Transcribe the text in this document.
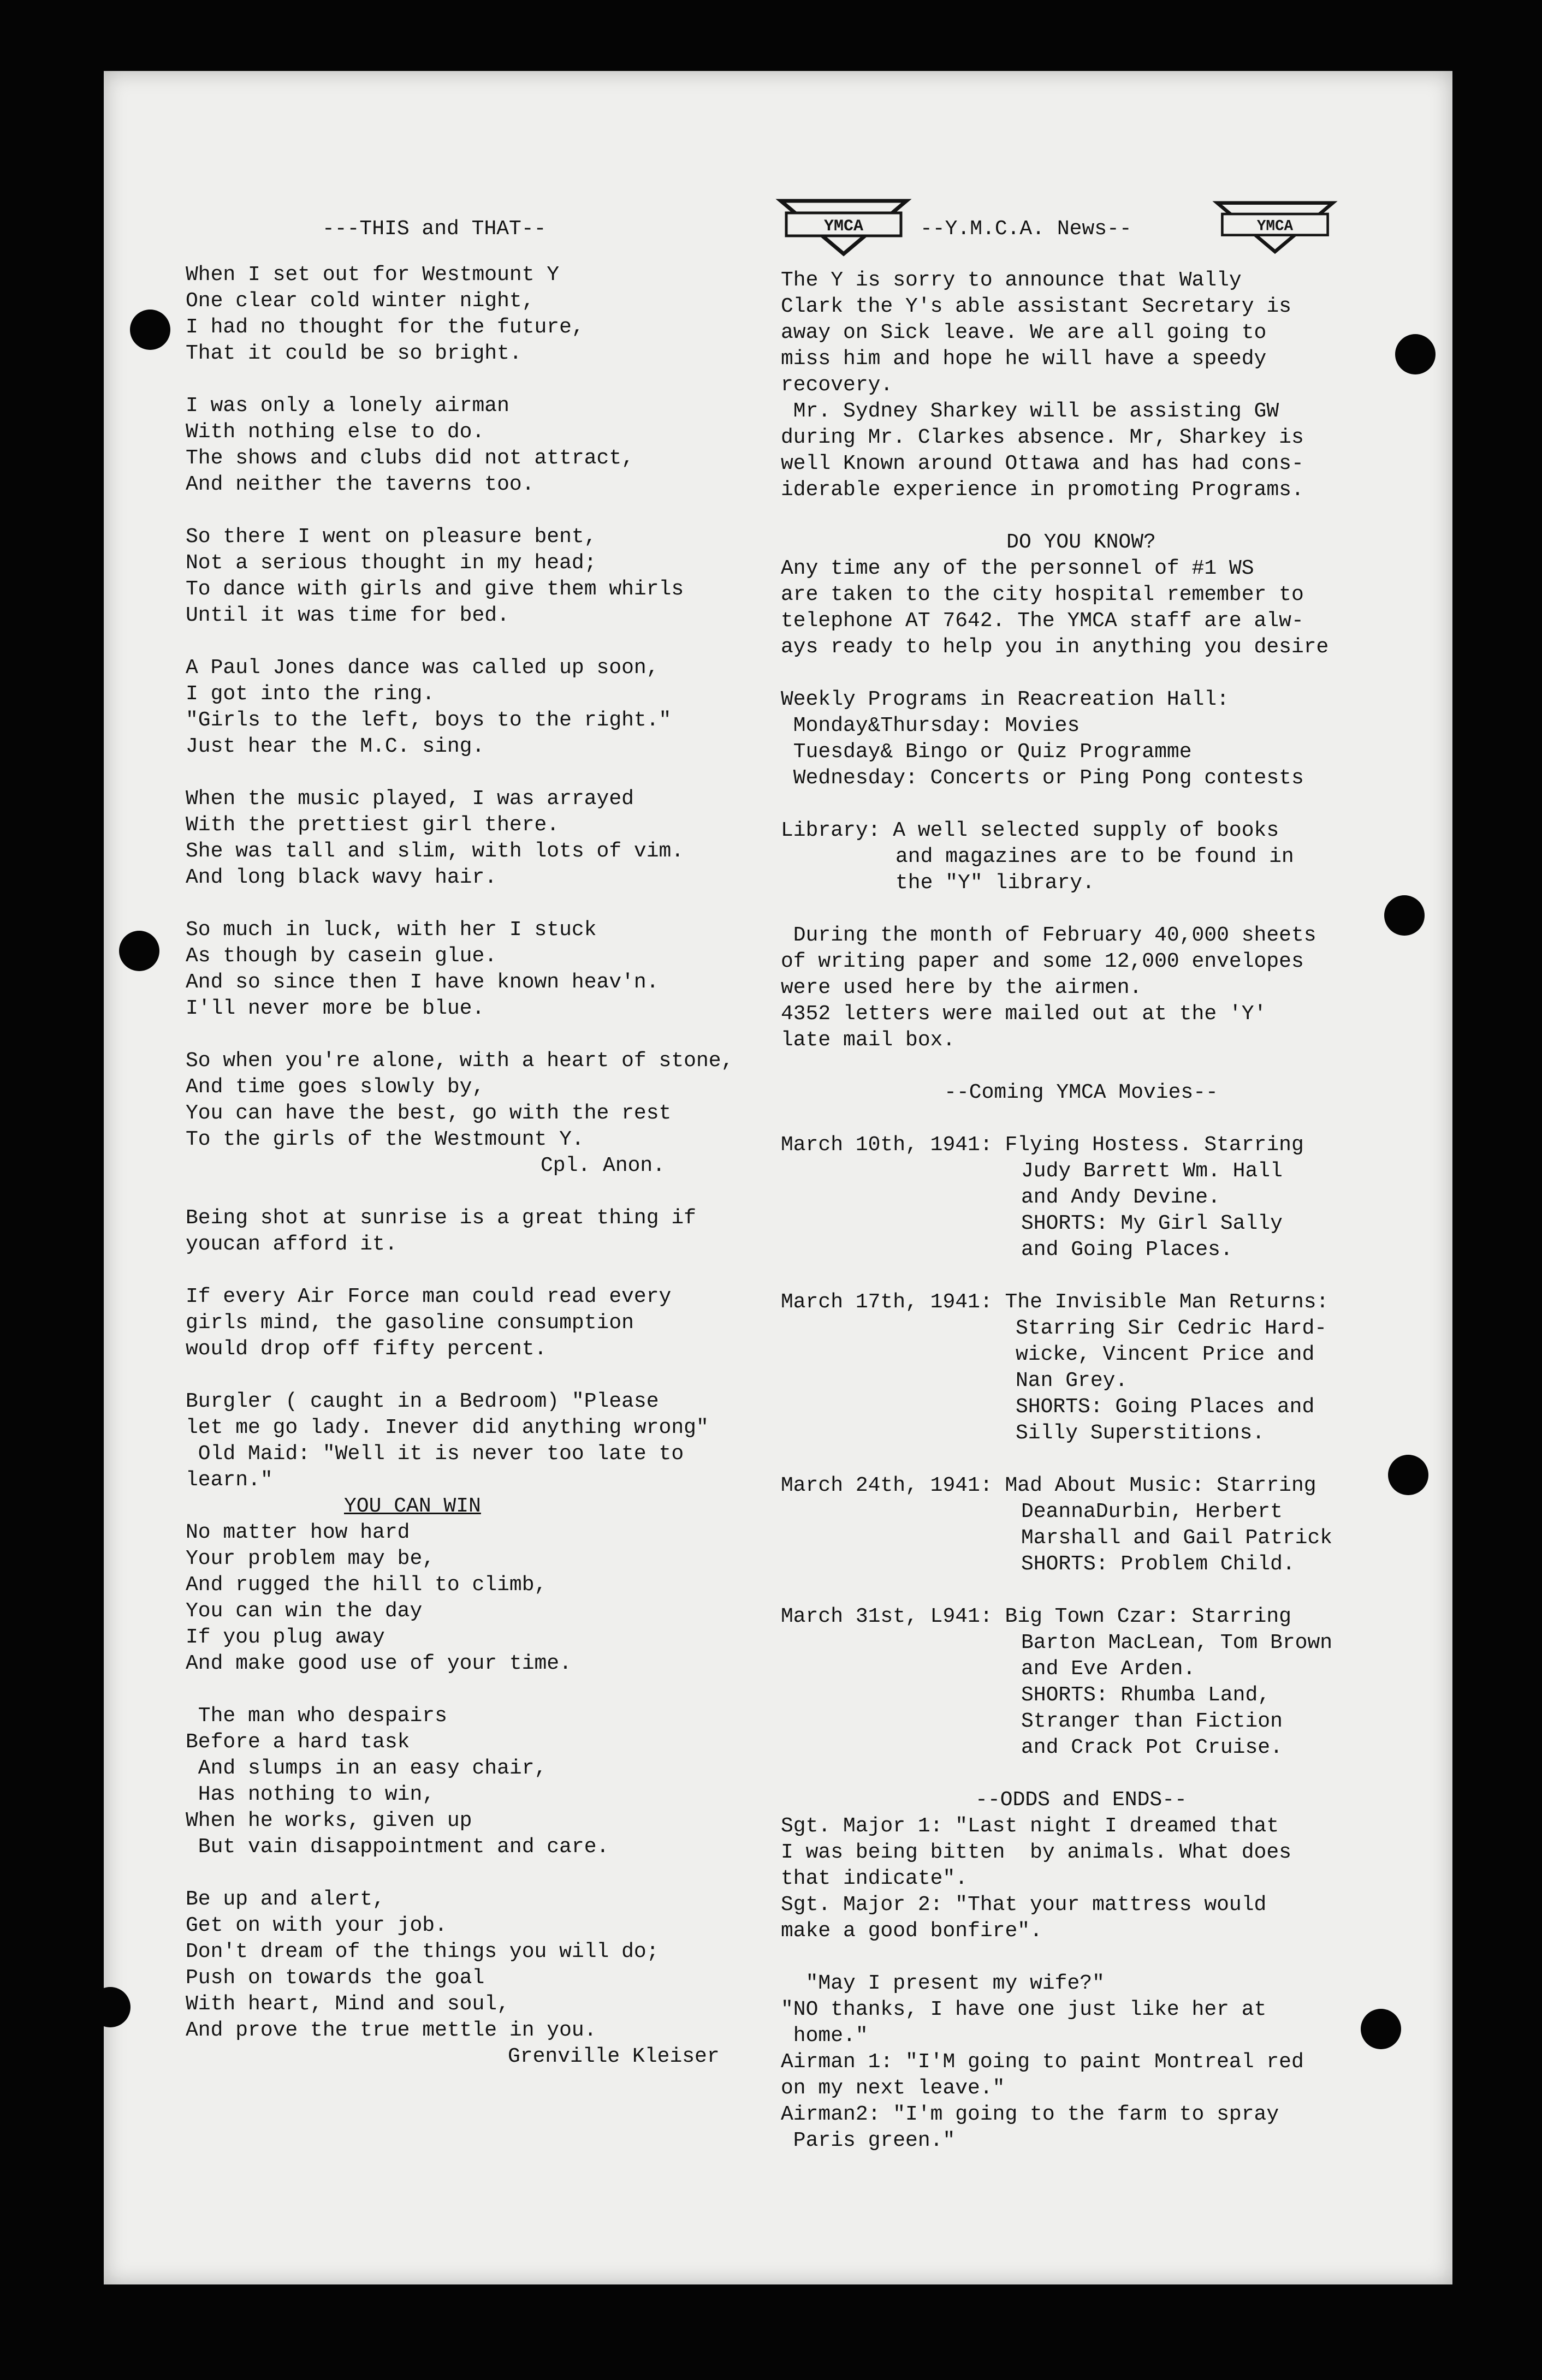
---THIS and THAT--	YMCA	--Y.M.C.A. News--	YMCA
When I set out for Westmount Y
One clear cold winter night,
I had no thought for the future,
That it could be so bright.
I was only a lonely airman
With nothing else to do.
The shows and clubs did not attract,
And neither the taverns too.
So there I went on pleasure bent,
Not a serious thought in my head;
To dance with girls and give them whirls
Until it was time for bed.
A Paul Jones dance was called up soon,
I got into the ring.
"Girls to the left, boys to the right."
Just hear the M.C. sing.
When the music played, I was arrayed
With the prettiest girl there.
She was tall and slim, with lots of vim.
And long black wavy hair.
So much in luck, with her I stuck
As though by casein glue.
And so since then I have known heav'n.
I'll never more be blue.
So when you're alone, with a heart of stone,
And time goes slowly by,
You can have the best, go with the rest
To the girls of the Westmount Y.
Cpl. Anon.
Being shot at sunrise is a great thing if
youcan afford it.
If every Air Force man could read every
girls mind, the gasoline consumption
would drop off fifty percent.
Burgler ( caught in a Bedroom) "Please
let me go lady. Inever did anything wrong"
Old Maid: "Well it is never too late to
learn."
YOU CAN WIN
No matter how hard
Your problem may be,
And rugged the hill to climb,
You can win the day
If you plug away
And make good use of your time.
The man who despairs
Before a hard task
And slumps in an easy chair,
Has nothing to win,
When he works, given up
But vain disappointment and care.
Be up and alert,
Get on with your job.
Don't dream of the things you will do;
Push on towards the goal
With heart, Mind and soul,
And prove the true mettle in you.
Grenville Kleiser
The Y is sorry to announce that Wally
Clark the Y's able assistant Secretary is
away on Sick leave. We are all going to
miss him and hope he will have a speedy
recovery.
Mr. Sydney Sharkey will be assisting GW
during Mr. Clarkes absence. Mr, Sharkey is
well Known around Ottawa and has had cons-
iderable experience in promoting Programs.
DO YOU KNOW?
Any time any of the personnel of #1 WS
are taken to the city hospital remember to
telephone AT 7642. The YMCA staff are alw-
ays ready to help you in anything you desire
Weekly Programs in Reacreation Hall:
Monday&Thursday: Movies
Tuesday& Bingo or Quiz Programme
Wednesday: Concerts or Ping Pong contests
Library: A well selected supply of books
and magazines are to be found in
the "Y" library.
During the month of February 40,000 sheets
of writing paper and some 12,000 envelopes
were used here by the airmen.
4352 letters were mailed out at the 'Y'
late mail box.
--Coming YMCA Movies--
March 10th, 1941: Flying Hostess. Starring
Judy Barrett Wm. Hall
and Andy Devine.
SHORTS: My Girl Sally
and Going Places.
March 17th, 1941: The Invisible Man Returns:
Starring Sir Cedric Hard-
wicke, Vincent Price and
Nan Grey.
SHORTS: Going Places and
Silly Superstitions.
March 24th, 1941: Mad About Music: Starring
DeannaDurbin, Herbert
Marshall and Gail Patrick
SHORTS: Problem Child.
March 31st, L941: Big Town Czar: Starring
Barton MacLean, Tom Brown
and Eve Arden.
SHORTS: Rhumba Land,
Stranger than Fiction
and Crack Pot Cruise.
--ODDS and ENDS--
Sgt. Major 1: "Last night I dreamed that
I was being bitten  by animals. What does
that indicate".
Sgt. Major 2: "That your mattress would
make a good bonfire".
"May I present my wife?"
"NO thanks, I have one just like her at
home."
Airman 1: "I'M going to paint Montreal red
on my next leave."
Airman2: "I'm going to the farm to spray
Paris green."
